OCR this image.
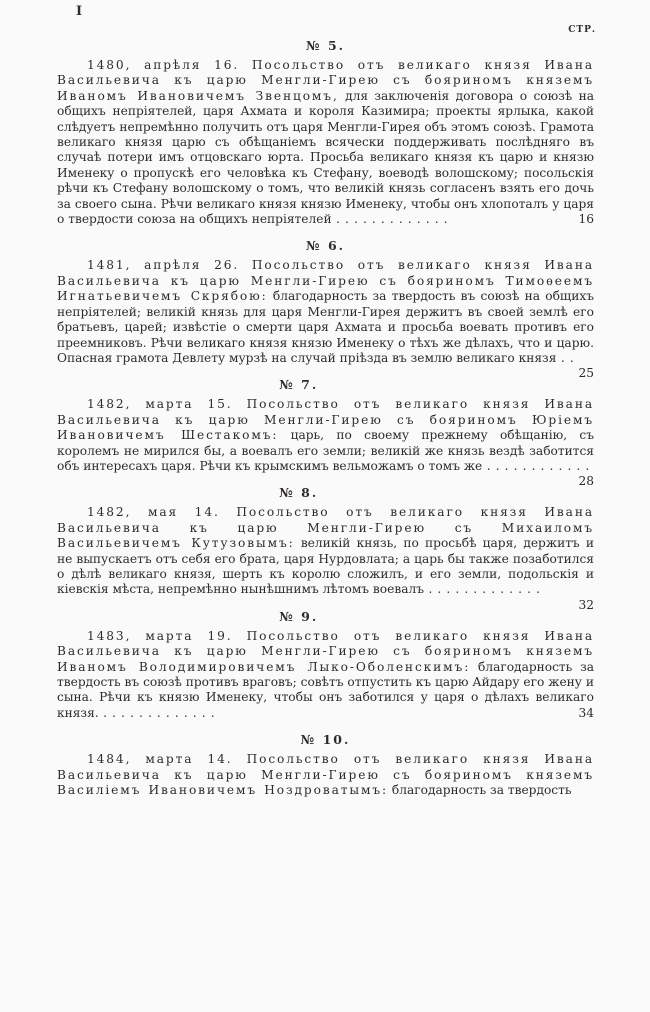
I
СТР.
№ 5.

1480, апрѣля 16. Посольство отъ великаго князя Ивана Васильевича къ царю Менгли-Гирею съ бояриномъ княземъ Иваномъ Ивановичемъ Звенцомъ, для заключенія договора о союзѣ на общихъ непріятелей, царя Ахмата и короля Казимира; проекты ярлыка, какой слѣдуетъ непремѣнно получить отъ царя Менгли-Гирея объ этомъ союзѣ. Грамота великаго князя царю съ обѣщаніемъ всячески поддерживать послѣдняго въ случаѣ потери имъ отцовскаго юрта. Просьба великаго князя къ царю и князю Именеку о пропускѣ его человѣка къ Стефану, воеводѣ волошскому; посольскія рѣчи къ Стефану волошскому о томъ, что великій князь согласенъ взять его дочь за своего сына. Рѣчи великаго князя князю Именеку, чтобы онъ хлопоталъ у царя о твердости союза на общихъ непріятелей . . . . . . . . . . . . .	16

№ 6.

1481, апрѣля 26. Посольство отъ великаго князя Ивана Васильевича къ царю Менгли-Гирею съ бояриномъ Тимоѳеемъ Игнатьевичемъ Скрябою: благодарность за твердость въ союзѣ на общихъ непріятелей; великій князь для царя Менгли-Гирея держитъ въ своей землѣ его братьевъ, царей; извѣстіе о смерти царя Ахмата и просьба воевать противъ его преемниковъ. Рѣчи великаго князя князю Именеку о тѣхъ же дѣлахъ, что и царю. Опасная грамота Девлету мурзѣ на случай пріѣзда въ землю великаго князя . .
25

№ 7.

1482, марта 15. Посольство отъ великаго князя Ивана Васильевича къ царю Менгли-Гирею съ бояриномъ Юріемъ Ивановичемъ Шестакомъ: царь, по своему прежнему обѣщанію, съ королемъ не мирился бы, а воевалъ его земли; великій же князь вездѣ заботится объ интересахъ царя. Рѣчи къ крымскимъ вельможамъ о томъ же . . . . . . . . . . . .
28

№ 8.

1482, мая 14. Посольство отъ великаго князя Ивана Васильевича къ царю Менгли-Гирею съ Михаиломъ Васильевичемъ Кутузовымъ: великій князь, по просьбѣ царя, держитъ и не выпускаетъ отъ себя его брата, царя Нурдовлата; а царь бы также позаботился о дѣлѣ великаго князя, шерть къ королю сложилъ, и его земли, подольскія и кіевскія мѣста, непремѣнно нынѣшнимъ лѣтомъ воевалъ . . . . . . . . . . . . .
32

№ 9.

1483, марта 19. Посольство отъ великаго князя Ивана Васильевича къ царю Менгли-Гирею съ бояриномъ княземъ Иваномъ Володимировичемъ Лыко-Оболенскимъ: благодарность за твердость въ союзѣ противъ враговъ; совѣтъ отпустить къ царю Айдару его жену и сына. Рѣчи къ князю Именеку, чтобы онъ заботился у царя о дѣлахъ великаго князя. . . . . . . . . . . . . .	34

№ 10.

1484, марта 14. Посольство отъ великаго князя Ивана Васильевича къ царю Менгли-Гирею съ бояриномъ княземъ Василіемъ Ивановичемъ Ноздроватымъ: благодарность за твердость
